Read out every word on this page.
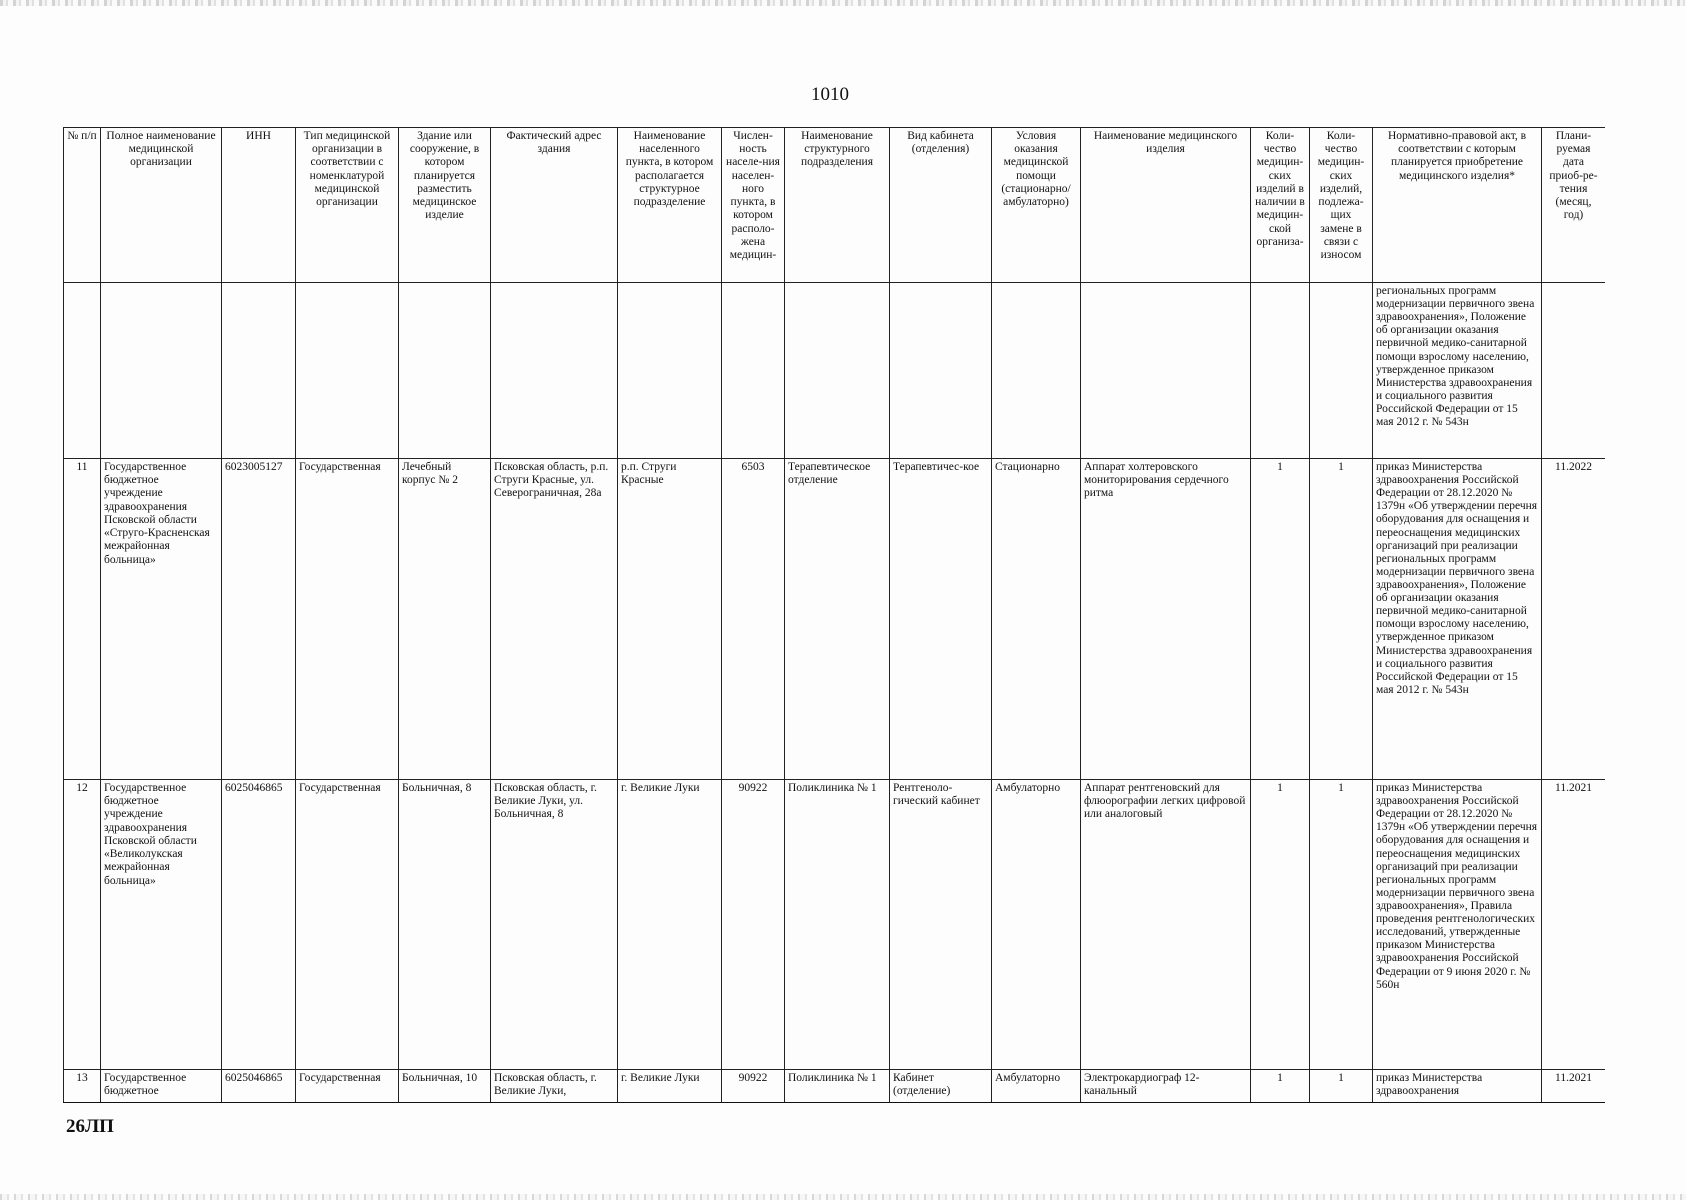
1010
№ п/п	Полное наименование медицинской организации	ИНН	Тип медицинской организации в соответствии с номенклатурой медицинской организации	Здание или сооружение, в котором планируется разместить медицинское изделие	Фактический адрес здания	Наименование населенного пункта, в котором располагается структурное подразделение	Числен-ность населе-ния населен-ного пункта, в котором располо-жена медицин-	Наименование структурного подразделения	Вид кабинета (отделения)	Условия оказания медицинской помощи (стационарно/амбулаторно)	Наименование медицинского изделия	Коли-чество медицин-ских изделий в наличии в медицин-ской организа-	Коли-чество медицин-ских изделий, подлежа-щих замене в связи с износом	Нормативно-правовой акт, в соответствии с которым планируется приобретение медицинского изделия*	Плани-руемая дата приоб-ре-тения (месяц, год)
														региональных программ модернизации первичного звена здравоохранения», Положение об организации оказания первичной медико-санитарной помощи взрослому населению, утвержденное приказом Министерства здравоохранения и социального развития Российской Федерации от 15 мая 2012 г. № 543н	
11	Государственное бюджетное учреждение здравоохранения Псковской области «Струго-Красненская межрайонная больница»	6023005127	Государственная	Лечебный корпус № 2	Псковская область, р.п. Струги Красные, ул. Северограничная, 28а	р.п. Струги Красные	6503	Терапевтическое отделение	Терапевтичес-кое	Стационарно	Аппарат холтеровского мониторирования сердечного ритма	1	1	приказ Министерства здравоохранения Российской Федерации от 28.12.2020 № 1379н «Об утверждении перечня оборудования для оснащения и переоснащения медицинских организаций при реализации региональных программ модернизации первичного звена здравоохранения», Положение об организации оказания первичной медико-санитарной помощи взрослому населению, утвержденное приказом Министерства здравоохранения и социального развития Российской Федерации от 15 мая 2012 г. № 543н	11.2022
12	Государственное бюджетное учреждение здравоохранения Псковской области «Великолукская межрайонная больница»	6025046865	Государственная	Больничная, 8	Псковская область, г. Великие Луки, ул. Больничная, 8	г. Великие Луки	90922	Поликлиника № 1	Рентгеноло-гический кабинет	Амбулаторно	Аппарат рентгеновский для флюорографии легких цифровой или аналоговый	1	1	приказ Министерства здравоохранения Российской Федерации от 28.12.2020 № 1379н «Об утверждении перечня оборудования для оснащения и переоснащения медицинских организаций при реализации региональных программ модернизации первичного звена здравоохранения», Правила проведения рентгенологических исследований, утвержденные приказом Министерства здравоохранения Российской Федерации от 9 июня 2020 г. № 560н	11.2021
13	Государственное бюджетное	6025046865	Государственная	Больничная, 10	Псковская область, г. Великие Луки,	г. Великие Луки	90922	Поликлиника № 1	Кабинет (отделение)	Амбулаторно	Электрокардиограф 12-канальный	1	1	приказ Министерства здравоохранения	11.2021
26ЛП
